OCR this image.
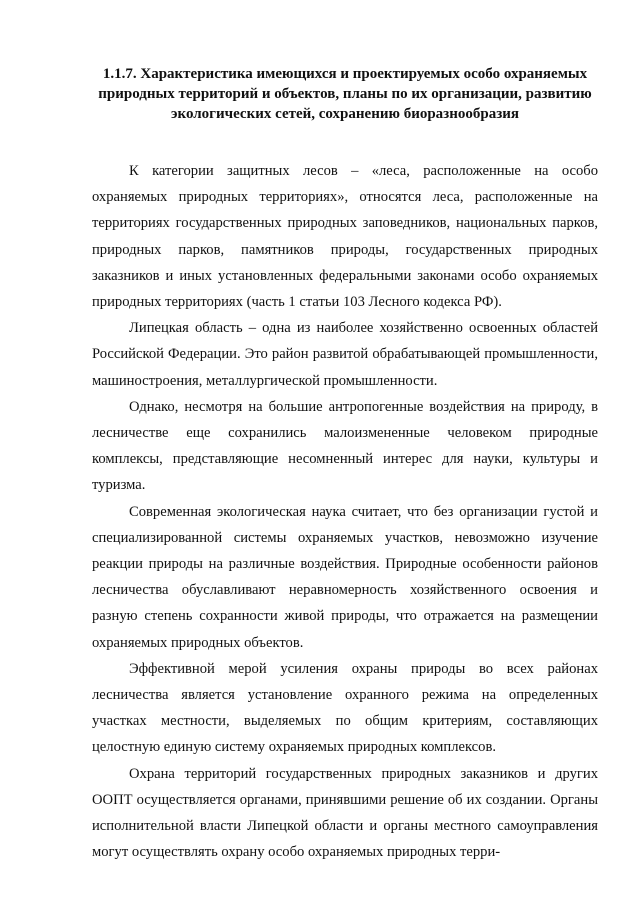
1.1.7. Характеристика имеющихся и проектируемых особо охраняемых
природных территорий и объектов, планы по их организации, развитию
экологических сетей, сохранению биоразнообразия

К категории защитных лесов – «леса, расположенные на особо охраняемых природных территориях», относятся леса, расположенные на территориях государственных природных заповедников, национальных парков, природных парков, памятников природы, государственных природных заказников и иных установленных федеральными законами особо охраняемых природных территориях (часть 1 статьи 103 Лесного кодекса РФ).

Липецкая область – одна из наиболее хозяйственно освоенных областей Российской Федерации. Это район развитой обрабатывающей промышленности, машиностроения, металлургической промышленности.

Однако, несмотря на большие антропогенные воздействия на природу, в лесничестве еще сохранились малоизмененные человеком природные комплексы, представляющие несомненный интерес для науки, культуры и туризма.

Современная экологическая наука считает, что без организации густой и специализированной системы охраняемых участков, невозможно изучение реакции природы на различные воздействия. Природные особенности районов лесничества обуславливают неравномерность хозяйственного освоения и разную степень сохранности живой природы, что отражается на размещении охраняемых природных объектов.

Эффективной мерой усиления охраны природы во всех районах лесничества является установление охранного режима на определенных участках местности, выделяемых по общим критериям, составляющих целостную единую систему охраняемых природных комплексов.

Охрана территорий государственных природных заказников и других ООПТ осуществляется органами, принявшими решение об их создании. Органы исполнительной власти Липецкой области и органы местного самоуправления могут осуществлять охрану особо охраняемых природных терри-
